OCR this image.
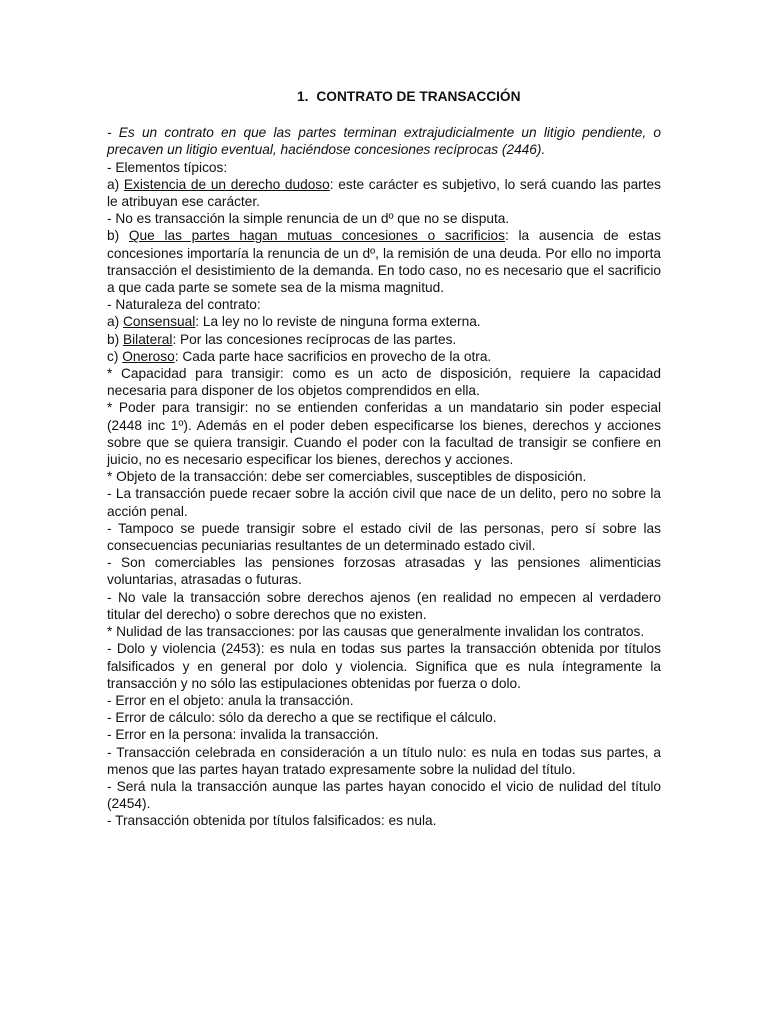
1. CONTRATO DE TRANSACCIÓN

- Es un contrato en que las partes terminan extrajudicialmente un litigio pendiente, o precaven un litigio eventual, haciéndose concesiones recíprocas (2446).

- Elementos típicos:

a) Existencia de un derecho dudoso: este carácter es subjetivo, lo será cuando las partes le atribuyan ese carácter.

- No es transacción la simple renuncia de un dº que no se disputa.

b) Que las partes hagan mutuas concesiones o sacrificios: la ausencia de estas concesiones importaría la renuncia de un dº, la remisión de una deuda. Por ello no importa transacción el desistimiento de la demanda. En todo caso, no es necesario que el sacrificio a que cada parte se somete sea de la misma magnitud.

- Naturaleza del contrato:

a) Consensual: La ley no lo reviste de ninguna forma externa.

b) Bilateral: Por las concesiones recíprocas de las partes.

c) Oneroso: Cada parte hace sacrificios en provecho de la otra.

* Capacidad para transigir: como es un acto de disposición, requiere la capacidad necesaria para disponer de los objetos comprendidos en ella.

* Poder para transigir: no se entienden conferidas a un mandatario sin poder especial (2448 inc 1º). Además en el poder deben especificarse los bienes, derechos y acciones sobre que se quiera transigir. Cuando el poder con la facultad de transigir se confiere en juicio, no es necesario especificar los bienes, derechos y acciones.

* Objeto de la transacción: debe ser comerciables, susceptibles de disposición.

- La transacción puede recaer sobre la acción civil que nace de un delito, pero no sobre la acción penal.

- Tampoco se puede transigir sobre el estado civil de las personas, pero sí sobre las consecuencias pecuniarias resultantes de un determinado estado civil.

- Son comerciables las pensiones forzosas atrasadas y las pensiones alimenticias voluntarias, atrasadas o futuras.

- No vale la transacción sobre derechos ajenos (en realidad no empecen al verdadero titular del derecho) o sobre derechos que no existen.

* Nulidad de las transacciones: por las causas que generalmente invalidan los contratos.

- Dolo y violencia (2453): es nula en todas sus partes la transacción obtenida por títulos falsificados y en general por dolo y violencia. Significa que es nula íntegramente la transacción y no sólo las estipulaciones obtenidas por fuerza o dolo.

- Error en el objeto: anula la transacción.

- Error de cálculo: sólo da derecho a que se rectifique el cálculo.

- Error en la persona: invalida la transacción.

- Transacción celebrada en consideración a un título nulo: es nula en todas sus partes, a menos que las partes hayan tratado expresamente sobre la nulidad del título.

- Será nula la transacción aunque las partes hayan conocido el vicio de nulidad del título (2454).

- Transacción obtenida por títulos falsificados: es nula.
